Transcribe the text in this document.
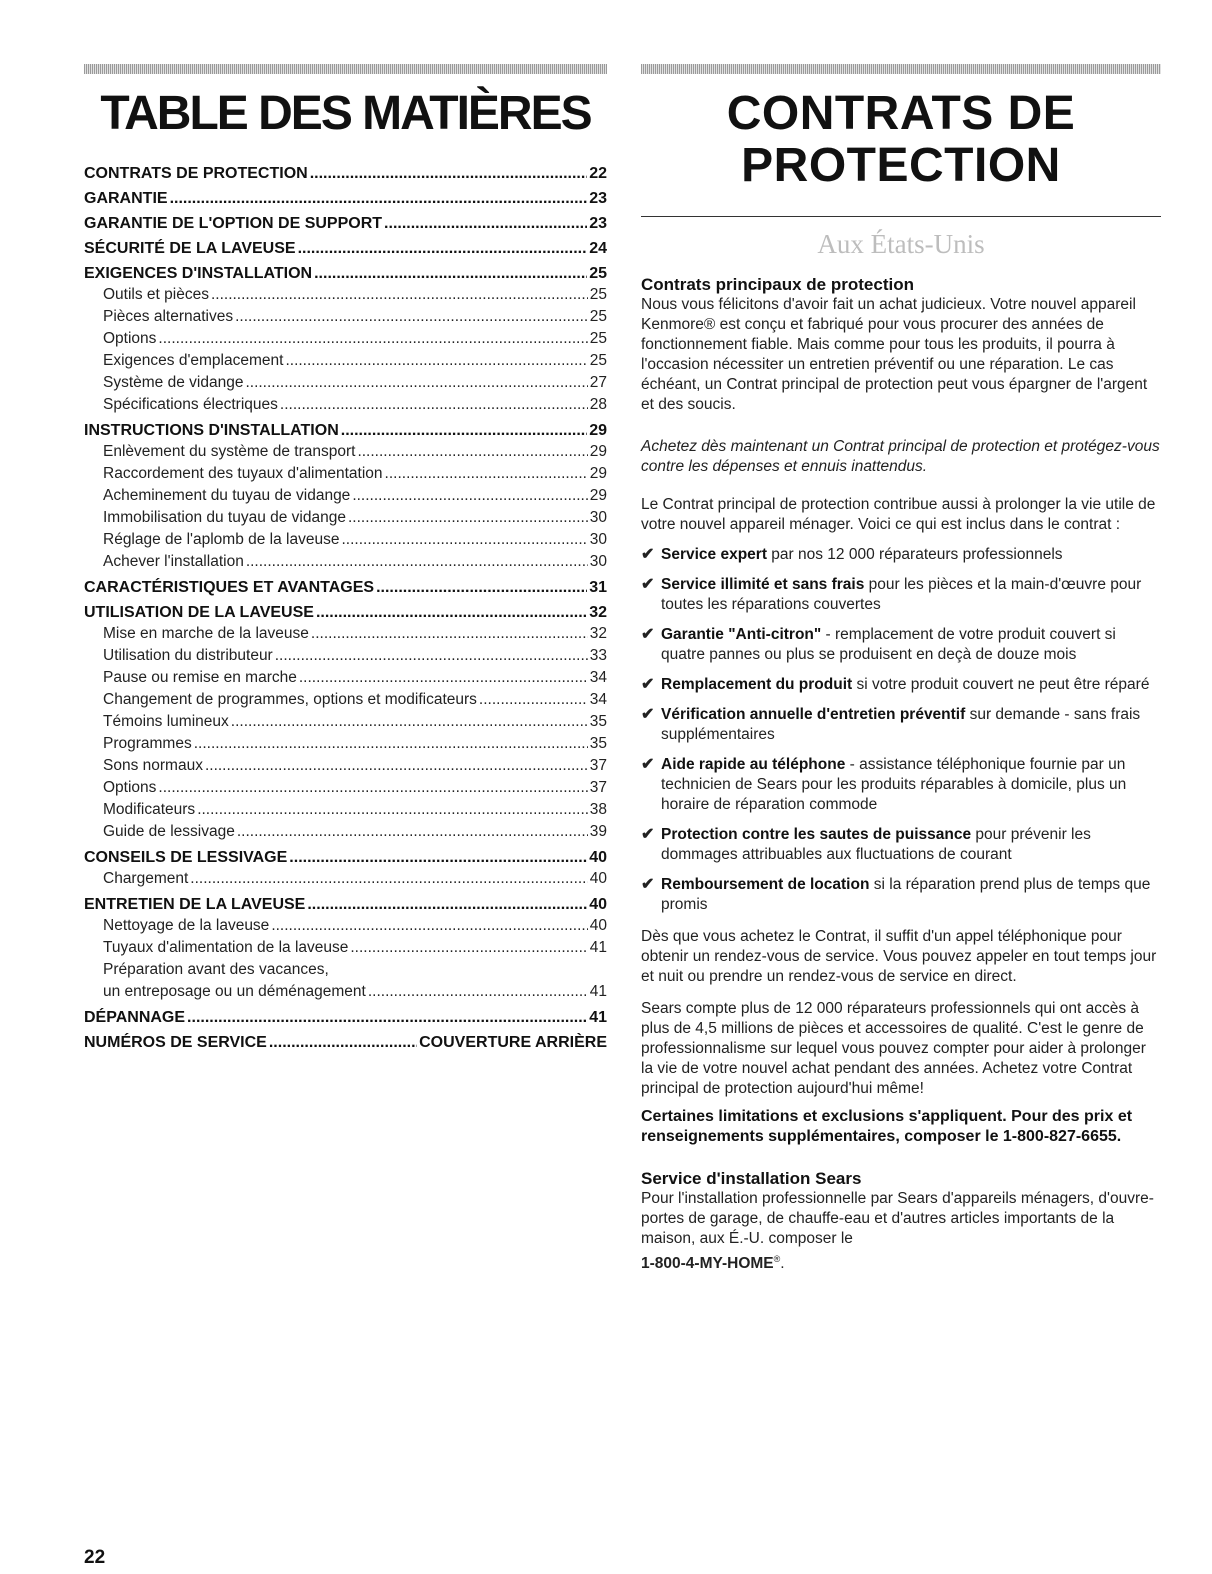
TABLE DES MATIÈRES
CONTRATS DE PROTECTION .....	22
GARANTIE .....	23
GARANTIE DE L'OPTION DE SUPPORT .....	23
SÉCURITÉ DE LA LAVEUSE .....	24
EXIGENCES D'INSTALLATION .....	25
Outils et pièces .....	25
Pièces alternatives .....	25
Options .....	25
Exigences d'emplacement .....	25
Système de vidange .....	27
Spécifications électriques .....	28
INSTRUCTIONS D'INSTALLATION .....	29
Enlèvement du système de transport .....	29
Raccordement des tuyaux d'alimentation .....	29
Acheminement du tuyau de vidange .....	29
Immobilisation du tuyau de vidange .....	30
Réglage de l'aplomb de la laveuse .....	30
Achever l'installation .....	30
CARACTÉRISTIQUES ET AVANTAGES .....	31
UTILISATION DE LA LAVEUSE .....	32
Mise en marche de la laveuse .....	32
Utilisation du distributeur .....	33
Pause ou remise en marche .....	34
Changement de programmes, options et modificateurs .....	34
Témoins lumineux .....	35
Programmes .....	35
Sons normaux .....	37
Options .....	37
Modificateurs .....	38
Guide de lessivage .....	39
CONSEILS DE LESSIVAGE .....	40
Chargement .....	40
ENTRETIEN DE LA LAVEUSE .....	40
Nettoyage de la laveuse .....	40
Tuyaux d'alimentation de la laveuse .....	41
Préparation avant des vacances,
un entreposage ou un déménagement .....	41
DÉPANNAGE .....	41
NUMÉROS DE SERVICE .....	COUVERTURE ARRIÈRE
CONTRATS DE
PROTECTION
Aux États-Unis
Contrats principaux de protection
Nous vous félicitons d'avoir fait un achat judicieux. Votre nouvel appareil Kenmore® est conçu et fabriqué pour vous procurer des années de fonctionnement fiable. Mais comme pour tous les produits, il pourra à l'occasion nécessiter un entretien préventif ou une réparation. Le cas échéant, un Contrat principal de protection peut vous épargner de l'argent et des soucis.
Achetez dès maintenant un Contrat principal de protection et protégez-vous contre les dépenses et ennuis inattendus.
Le Contrat principal de protection contribue aussi à prolonger la vie utile de votre nouvel appareil ménager. Voici ce qui est inclus dans le contrat :
✔ Service expert par nos 12 000 réparateurs professionnels
✔ Service illimité et sans frais pour les pièces et la main-d'œuvre pour toutes les réparations couvertes
✔ Garantie "Anti-citron" - remplacement de votre produit couvert si quatre pannes ou plus se produisent en deçà de douze mois
✔ Remplacement du produit si votre produit couvert ne peut être réparé
✔ Vérification annuelle d'entretien préventif sur demande - sans frais supplémentaires
✔ Aide rapide au téléphone - assistance téléphonique fournie par un technicien de Sears pour les produits réparables à domicile, plus un horaire de réparation commode
✔ Protection contre les sautes de puissance pour prévenir les dommages attribuables aux fluctuations de courant
✔ Remboursement de location si la réparation prend plus de temps que promis
Dès que vous achetez le Contrat, il suffit d'un appel téléphonique pour obtenir un rendez-vous de service. Vous pouvez appeler en tout temps jour et nuit ou prendre un rendez-vous de service en direct.
Sears compte plus de 12 000 réparateurs professionnels qui ont accès à plus de 4,5 millions de pièces et accessoires de qualité. C'est le genre de professionnalisme sur lequel vous pouvez compter pour aider à prolonger la vie de votre nouvel achat pendant des années. Achetez votre Contrat principal de protection aujourd'hui même!
Certaines limitations et exclusions s'appliquent. Pour des prix et renseignements supplémentaires, composer le 1-800-827-6655.
Service d'installation Sears
Pour l'installation professionnelle par Sears d'appareils ménagers, d'ouvre-portes de garage, de chauffe-eau et d'autres articles importants de la maison, aux É.-U. composer le
1-800-4-MY-HOME®.
22
